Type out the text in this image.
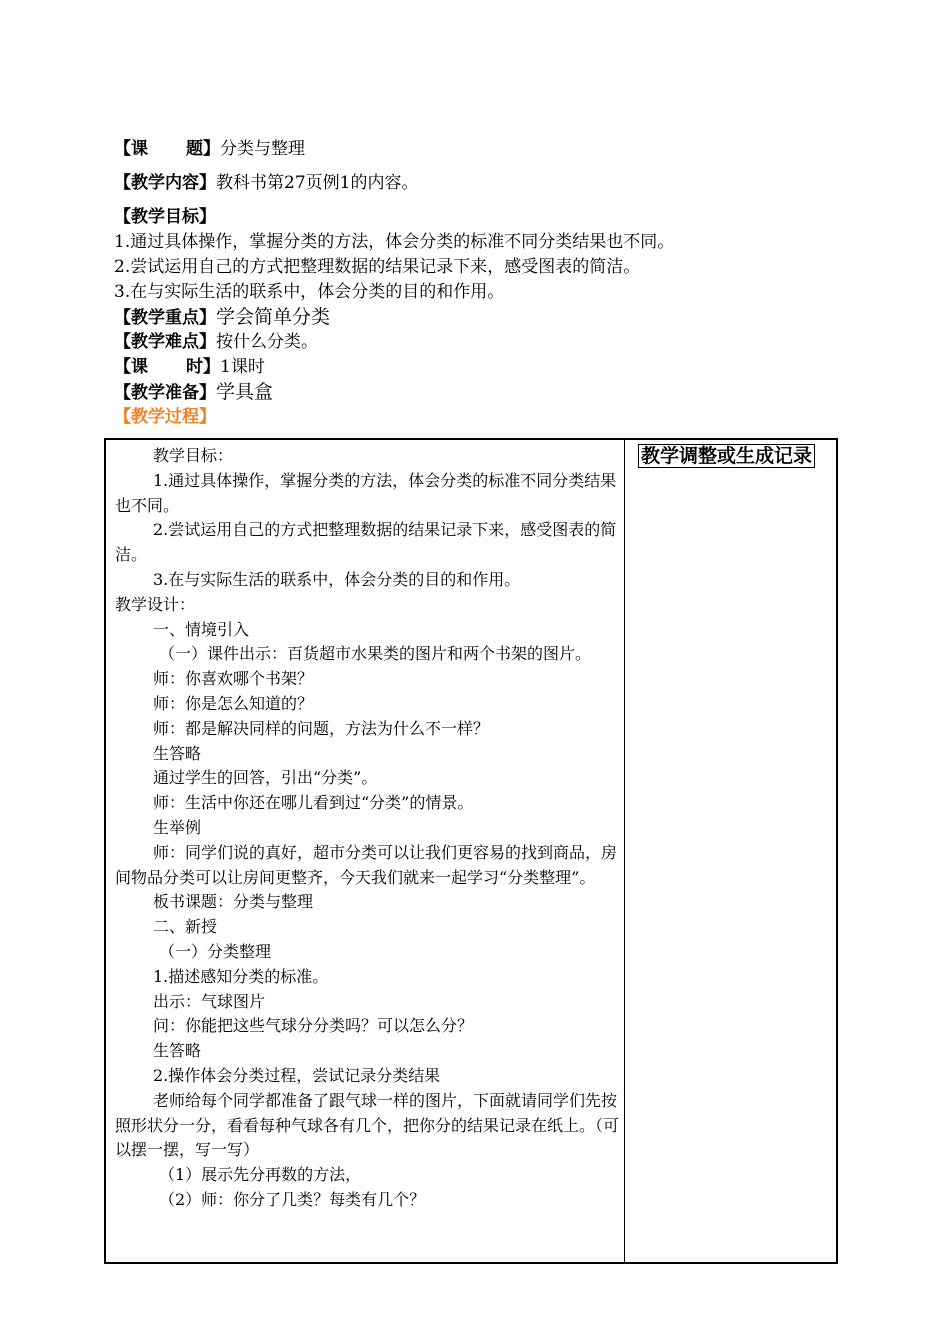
【课 题】分类与整理
【教学内容】教科书第27页例1的内容。
【教学目标】
1.通过具体操作，掌握分类的方法，体会分类的标准不同分类结果也不同。
2.尝试运用自己的方式把整理数据的结果记录下来，感受图表的简洁。
3.在与实际生活的联系中，体会分类的目的和作用。
【教学重点】学会简单分类
【教学难点】按什么分类。
【课 时】1课时
【教学准备】学具盒
【教学过程】

教学目标：

1.通过具体操作，掌握分类的方法，体会分类的标准不同分类结果也不同。

2.尝试运用自己的方式把整理数据的结果记录下来，感受图表的简洁。

3.在与实际生活的联系中，体会分类的目的和作用。

教学设计：

一、情境引入

（一）课件出示：百货超市水果类的图片和两个书架的图片。

师：你喜欢哪个书架？

师：你是怎么知道的？

师：都是解决同样的问题，方法为什么不一样？

生答略

通过学生的回答，引出“分类”。

师：生活中你还在哪儿看到过“分类”的情景。

生举例

师：同学们说的真好，超市分类可以让我们更容易的找到商品，房间物品分类可以让房间更整齐，今天我们就来一起学习“分类整理”。

板书课题：分类与整理

二、新授

（一）分类整理

1.描述感知分类的标准。

出示：气球图片

问：你能把这些气球分分类吗？可以怎么分？

生答略

2.操作体会分类过程，尝试记录分类结果

老师给每个同学都准备了跟气球一样的图片，下面就请同学们先按照形状分一分，看看每种气球各有几个，把你分的结果记录在纸上。（可以摆一摆，写一写）

（1）展示先分再数的方法，

（2）师：你分了几类？每类有几个？

教学调整或生成记录
